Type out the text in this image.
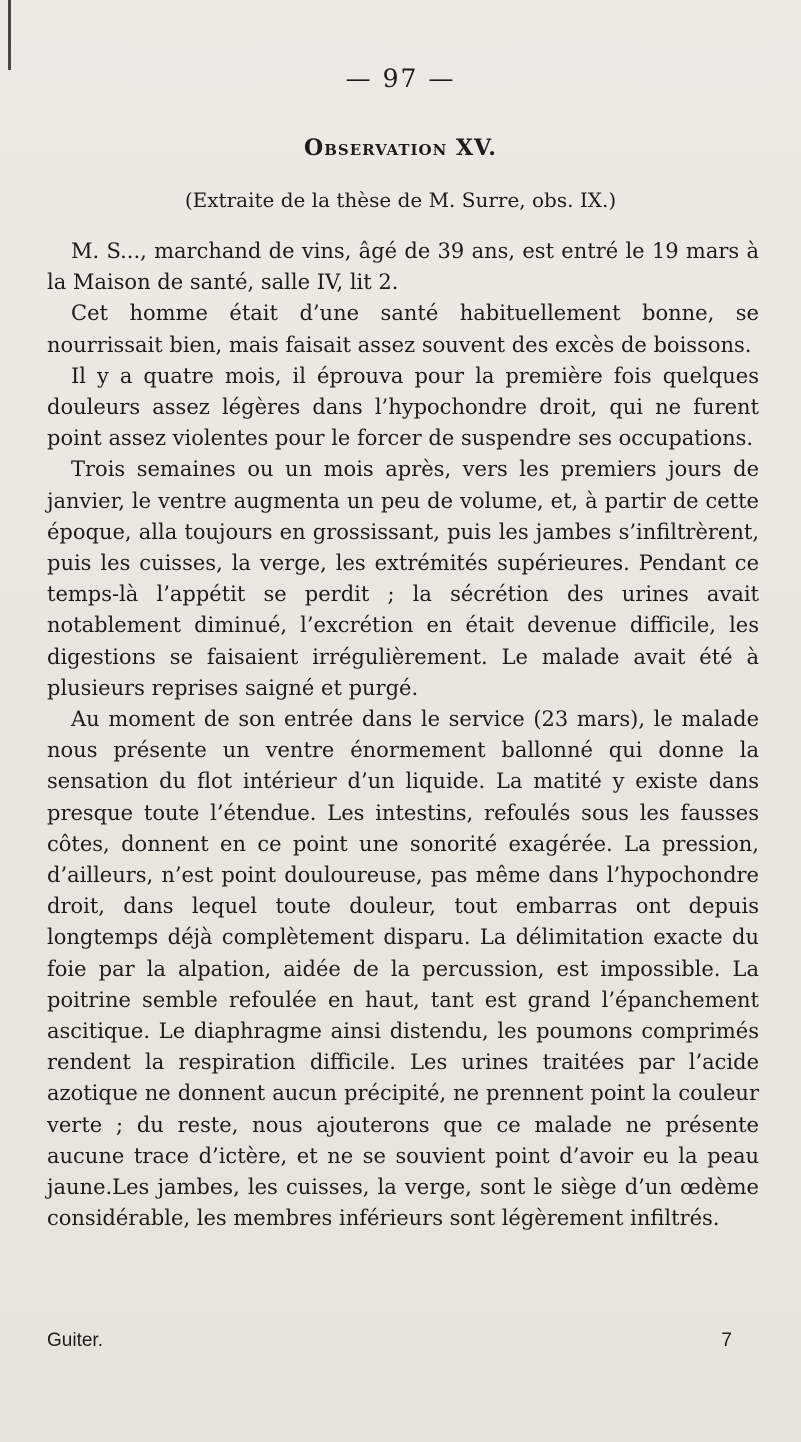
— 97 —
Observation XV.
(Extraite de la thèse de M. Surre, obs. IX.)

M. S..., marchand de vins, âgé de 39 ans, est entré le 19 mars à la Maison de santé, salle IV, lit 2.

Cet homme était d’une santé habituellement bonne, se nourrissait bien, mais faisait assez souvent des excès de boissons.

Il y a quatre mois, il éprouva pour la première fois quelques douleurs assez légères dans l’hypochondre droit, qui ne furent point assez violentes pour le forcer de suspendre ses occupations.

Trois semaines ou un mois après, vers les premiers jours de janvier, le ventre augmenta un peu de volume, et, à partir de cette époque, alla toujours en grossissant, puis les jambes s’infiltrèrent, puis les cuisses, la verge, les extrémités supérieures. Pendant ce temps-là l’appétit se perdit ; la sécrétion des urines avait notablement diminué, l’excrétion en était devenue difficile, les digestions se faisaient irrégulièrement. Le malade avait été à plusieurs reprises saigné et purgé.

Au moment de son entrée dans le service (23 mars), le malade nous présente un ventre énormement ballonné qui donne la sensation du flot intérieur d’un liquide. La matité y existe dans presque toute l’étendue. Les intestins, refoulés sous les fausses côtes, donnent en ce point une sonorité exagérée. La pression, d’ailleurs, n’est point douloureuse, pas même dans l’hypochondre droit, dans lequel toute douleur, tout embarras ont depuis longtemps déjà complètement disparu. La délimitation exacte du foie par la alpation, aidée de la percussion, est impossible. La poitrine semble refoulée en haut, tant est grand l’épanchement ascitique. Le diaphragme ainsi distendu, les poumons comprimés rendent la respiration difficile. Les urines traitées par l’acide azotique ne donnent aucun précipité, ne prennent point la couleur verte ; du reste, nous ajouterons que ce malade ne présente aucune trace d’ictère, et ne se souvient point d’avoir eu la peau jaune.Les jambes, les cuisses, la verge, sont le siège d’un œdème considérable, les membres inférieurs sont légèrement infiltrés.

Guiter.	7
